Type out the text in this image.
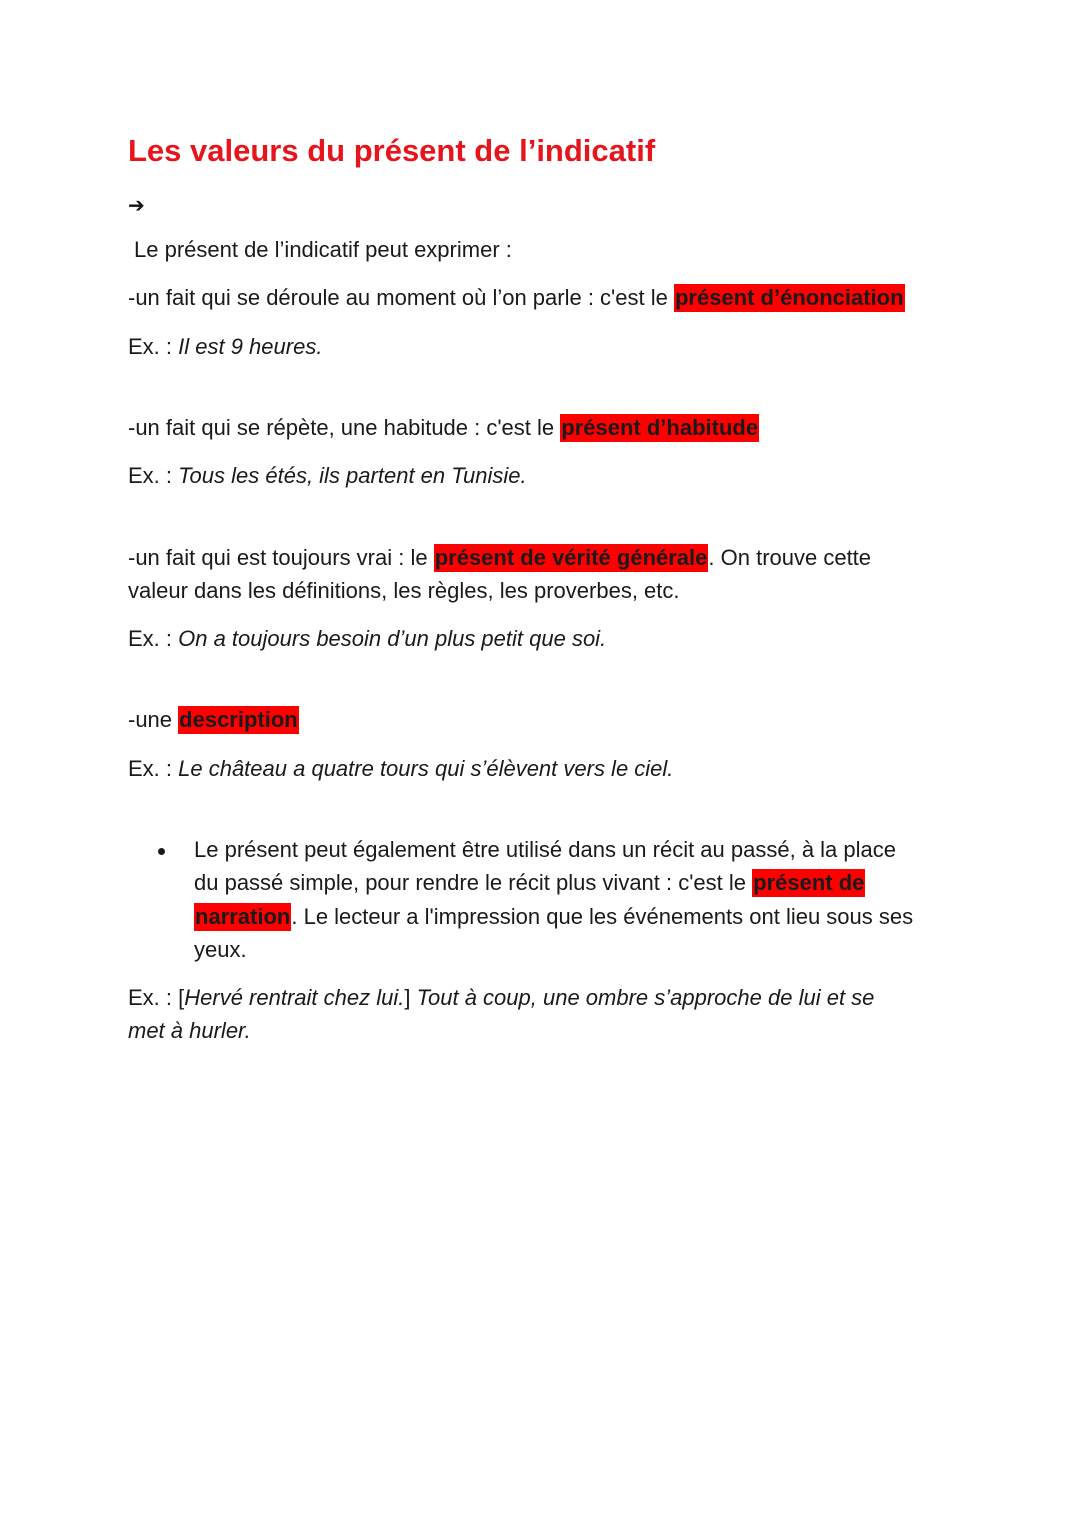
Les valeurs du présent de l’indicatif
➔
Le présent de l’indicatif peut exprimer :
-un fait qui se déroule au moment où l’on parle : c'est le présent d’énonciation
Ex. : Il est 9 heures.
-un fait qui se répète, une habitude : c'est le présent d’habitude
Ex. : Tous les étés, ils partent en Tunisie.
-un fait qui est toujours vrai : le présent de vérité générale. On trouve cette
valeur dans les définitions, les règles, les proverbes, etc.
Ex. : On a toujours besoin d’un plus petit que soi.
-une description
Ex. : Le château a quatre tours qui s’élèvent vers le ciel.
Le présent peut également être utilisé dans un récit au passé, à la place
du passé simple, pour rendre le récit plus vivant : c'est le présent de
narration. Le lecteur a l'impression que les événements ont lieu sous ses
yeux.
Ex. : [Hervé rentrait chez lui.] Tout à coup, une ombre s’approche de lui et se
met à hurler.
